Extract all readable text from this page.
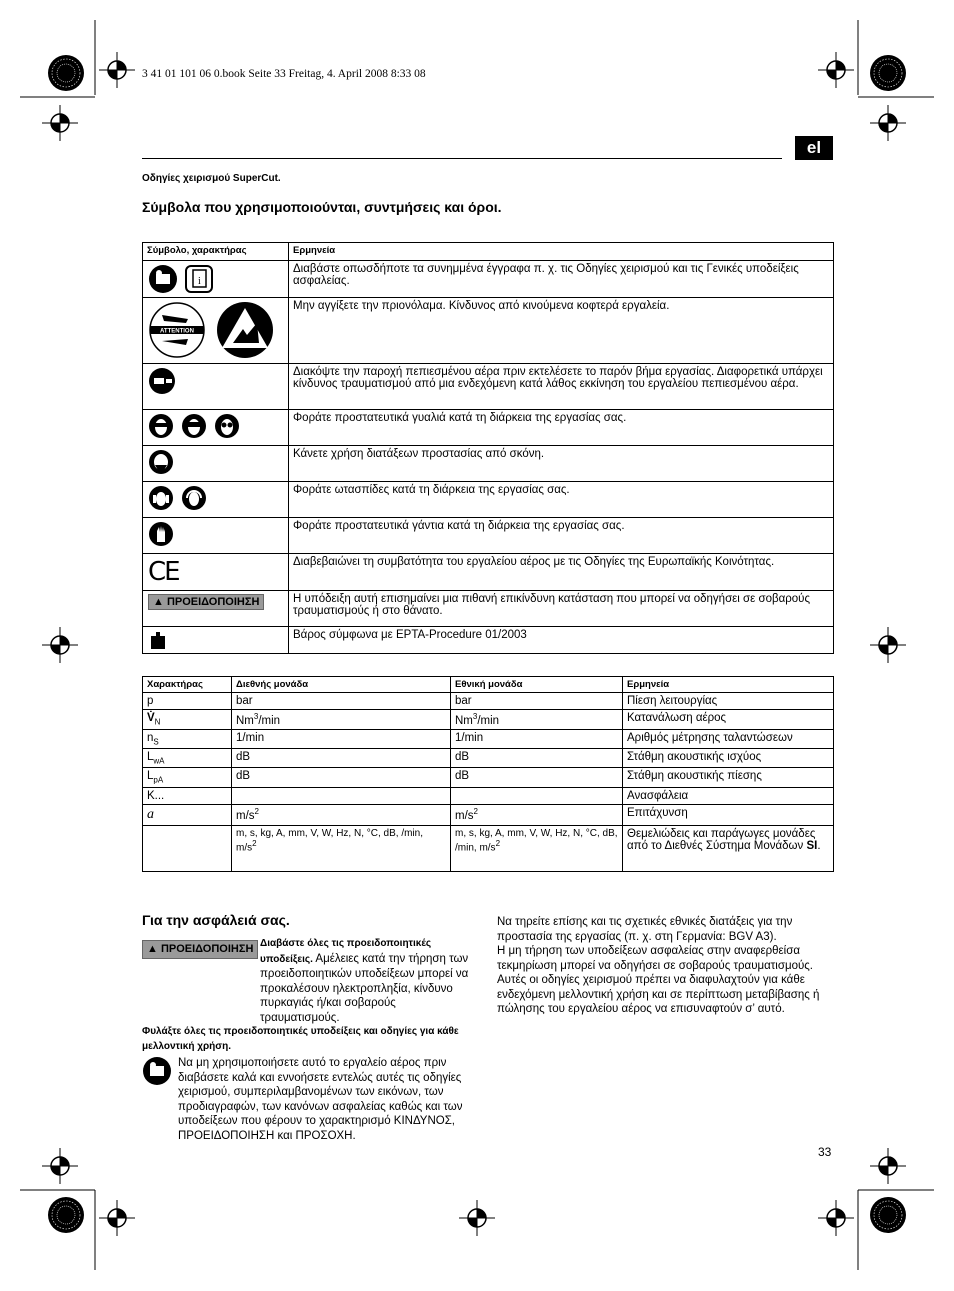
3 41 01 101 06 0.book Seite 33 Freitag, 4. April 2008 8:33 08
el
Οδηγίες χειρισμού SuperCut.
Σύμβολα που χρησιμοποιούνται, συντμήσεις και όροι.
Σύμβολο, χαρακτήρας	Ερμηνεία

i	Διαβάστε οπωσδήποτε τα συνημμένα έγγραφα π. χ. τις Οδηγίες χειρισμού και τις Γενικές υποδείξεις ασφαλείας.

ATTENTION	Μην αγγίξετε την πριονόλαμα. Κίνδυνος από κινούμενα κοφτερά εργαλεία.
	Διακόψτε την παροχή πεπιεσμένου αέρα πριν εκτελέσετε το παρόν βήμα εργασίας. Διαφορετικά υπάρχει κίνδυνος τραυματισμού από μια ενδεχόμενη κατά λάθος εκκίνηση του εργαλείου πεπιεσμένου αέρα.
	Φοράτε προστατευτικά γυαλιά κατά τη διάρκεια της εργασίας σας.
	Κάνετε χρήση διατάξεων προστασίας από σκόνη.
	Φοράτε ωτασπίδες κατά τη διάρκεια της εργασίας σας.
	Φοράτε προστατευτικά γάντια κατά τη διάρκεια της εργασίας σας.
CE	Διαβεβαιώνει τη συμβατότητα του εργαλείου αέρος με τις Οδηγίες της Ευρωπαϊκής Κοινότητας.
▲ ΠΡΟΕΙΔΟΠΟΙΗΣΗ	Η υπόδειξη αυτή επισημαίνει μια πιθανή επικίνδυνη κατάσταση που μπορεί να οδηγήσει σε σοβαρούς τραυματισμούς ή στο θάνατο.
	Βάρος σύμφωνα με EPTA-Procedure 01/2003
Χαρακτήρας	Διεθνής μονάδα	Εθνική μονάδα	Ερμηνεία
p	bar	bar	Πίεση λειτουργίας
$V̇_N$	Nm$^3$/min	Nm$^3$/min	Κατανάλωση αέρος
$n_S$	1/min	1/min	Αριθμός μέτρησης ταλαντώσεων
$L_{wA}$	dB	dB	Στάθμη ακουστικής ισχύος
$L_{pA}$	dB	dB	Στάθμη ακουστικής πίεσης
K...			Ανασφάλεια
a	$m/s^2$	$m/s^2$	Επιτάχυνση
	m, s, kg, A, mm, V, W, Hz, N, °C, dB, /min, $m/s^2$	m, s, kg, A, mm, V, W, Hz, N, °C, dB, /min, $m/s^2$	Θεμελιώδεις και παράγωγες μονάδες από το Διεθνές Σύστημα Μονάδων SI.
Για την ασφάλειά σας.
▲ ΠΡΟΕΙΔΟΠΟΙΗΣΗ Διαβάστε όλες τις προειδοποιητικές υποδείξεις. Αμέλειες κατά την τήρηση των προειδοποιητικών υποδείξεων μπορεί να προκαλέσουν ηλεκτροπληξία, κίνδυνο πυρκαγιάς ή/και σοβαρούς τραυματισμούς.
Φυλάξτε όλες τις προειδοποιητικές υποδείξεις και οδηγίες για κάθε μελλοντική χρήση.
Να μη χρησιμοποιήσετε αυτό το εργαλείο αέρος πριν διαβάσετε καλά και εννοήσετε εντελώς αυτές τις οδηγίες χειρισμού, συμπεριλαμβανομένων των εικόνων, των προδιαγραφών, των κανόνων ασφαλείας καθώς και των υποδείξεων που φέρουν το χαρακτηρισμό ΚΙΝΔΥΝΟΣ, ΠΡΟΕΙΔΟΠΟΙΗΣΗ και ΠΡΟΣΟΧΗ.
Να τηρείτε επίσης και τις σχετικές εθνικές διατάξεις για την προστασία της εργασίας (π. χ. στη Γερμανία: BGV A3).
Η μη τήρηση των υποδείξεων ασφαλείας στην αναφερθείσα τεκμηρίωση μπορεί να οδηγήσει σε σοβαρούς τραυματισμούς.
Αυτές οι οδηγίες χειρισμού πρέπει να διαφυλαχτούν για κάθε ενδεχόμενη μελλοντική χρήση και σε περίπτωση μεταβίβασης ή πώλησης του εργαλείου αέρος να επισυναφτούν σ’ αυτό.
33
